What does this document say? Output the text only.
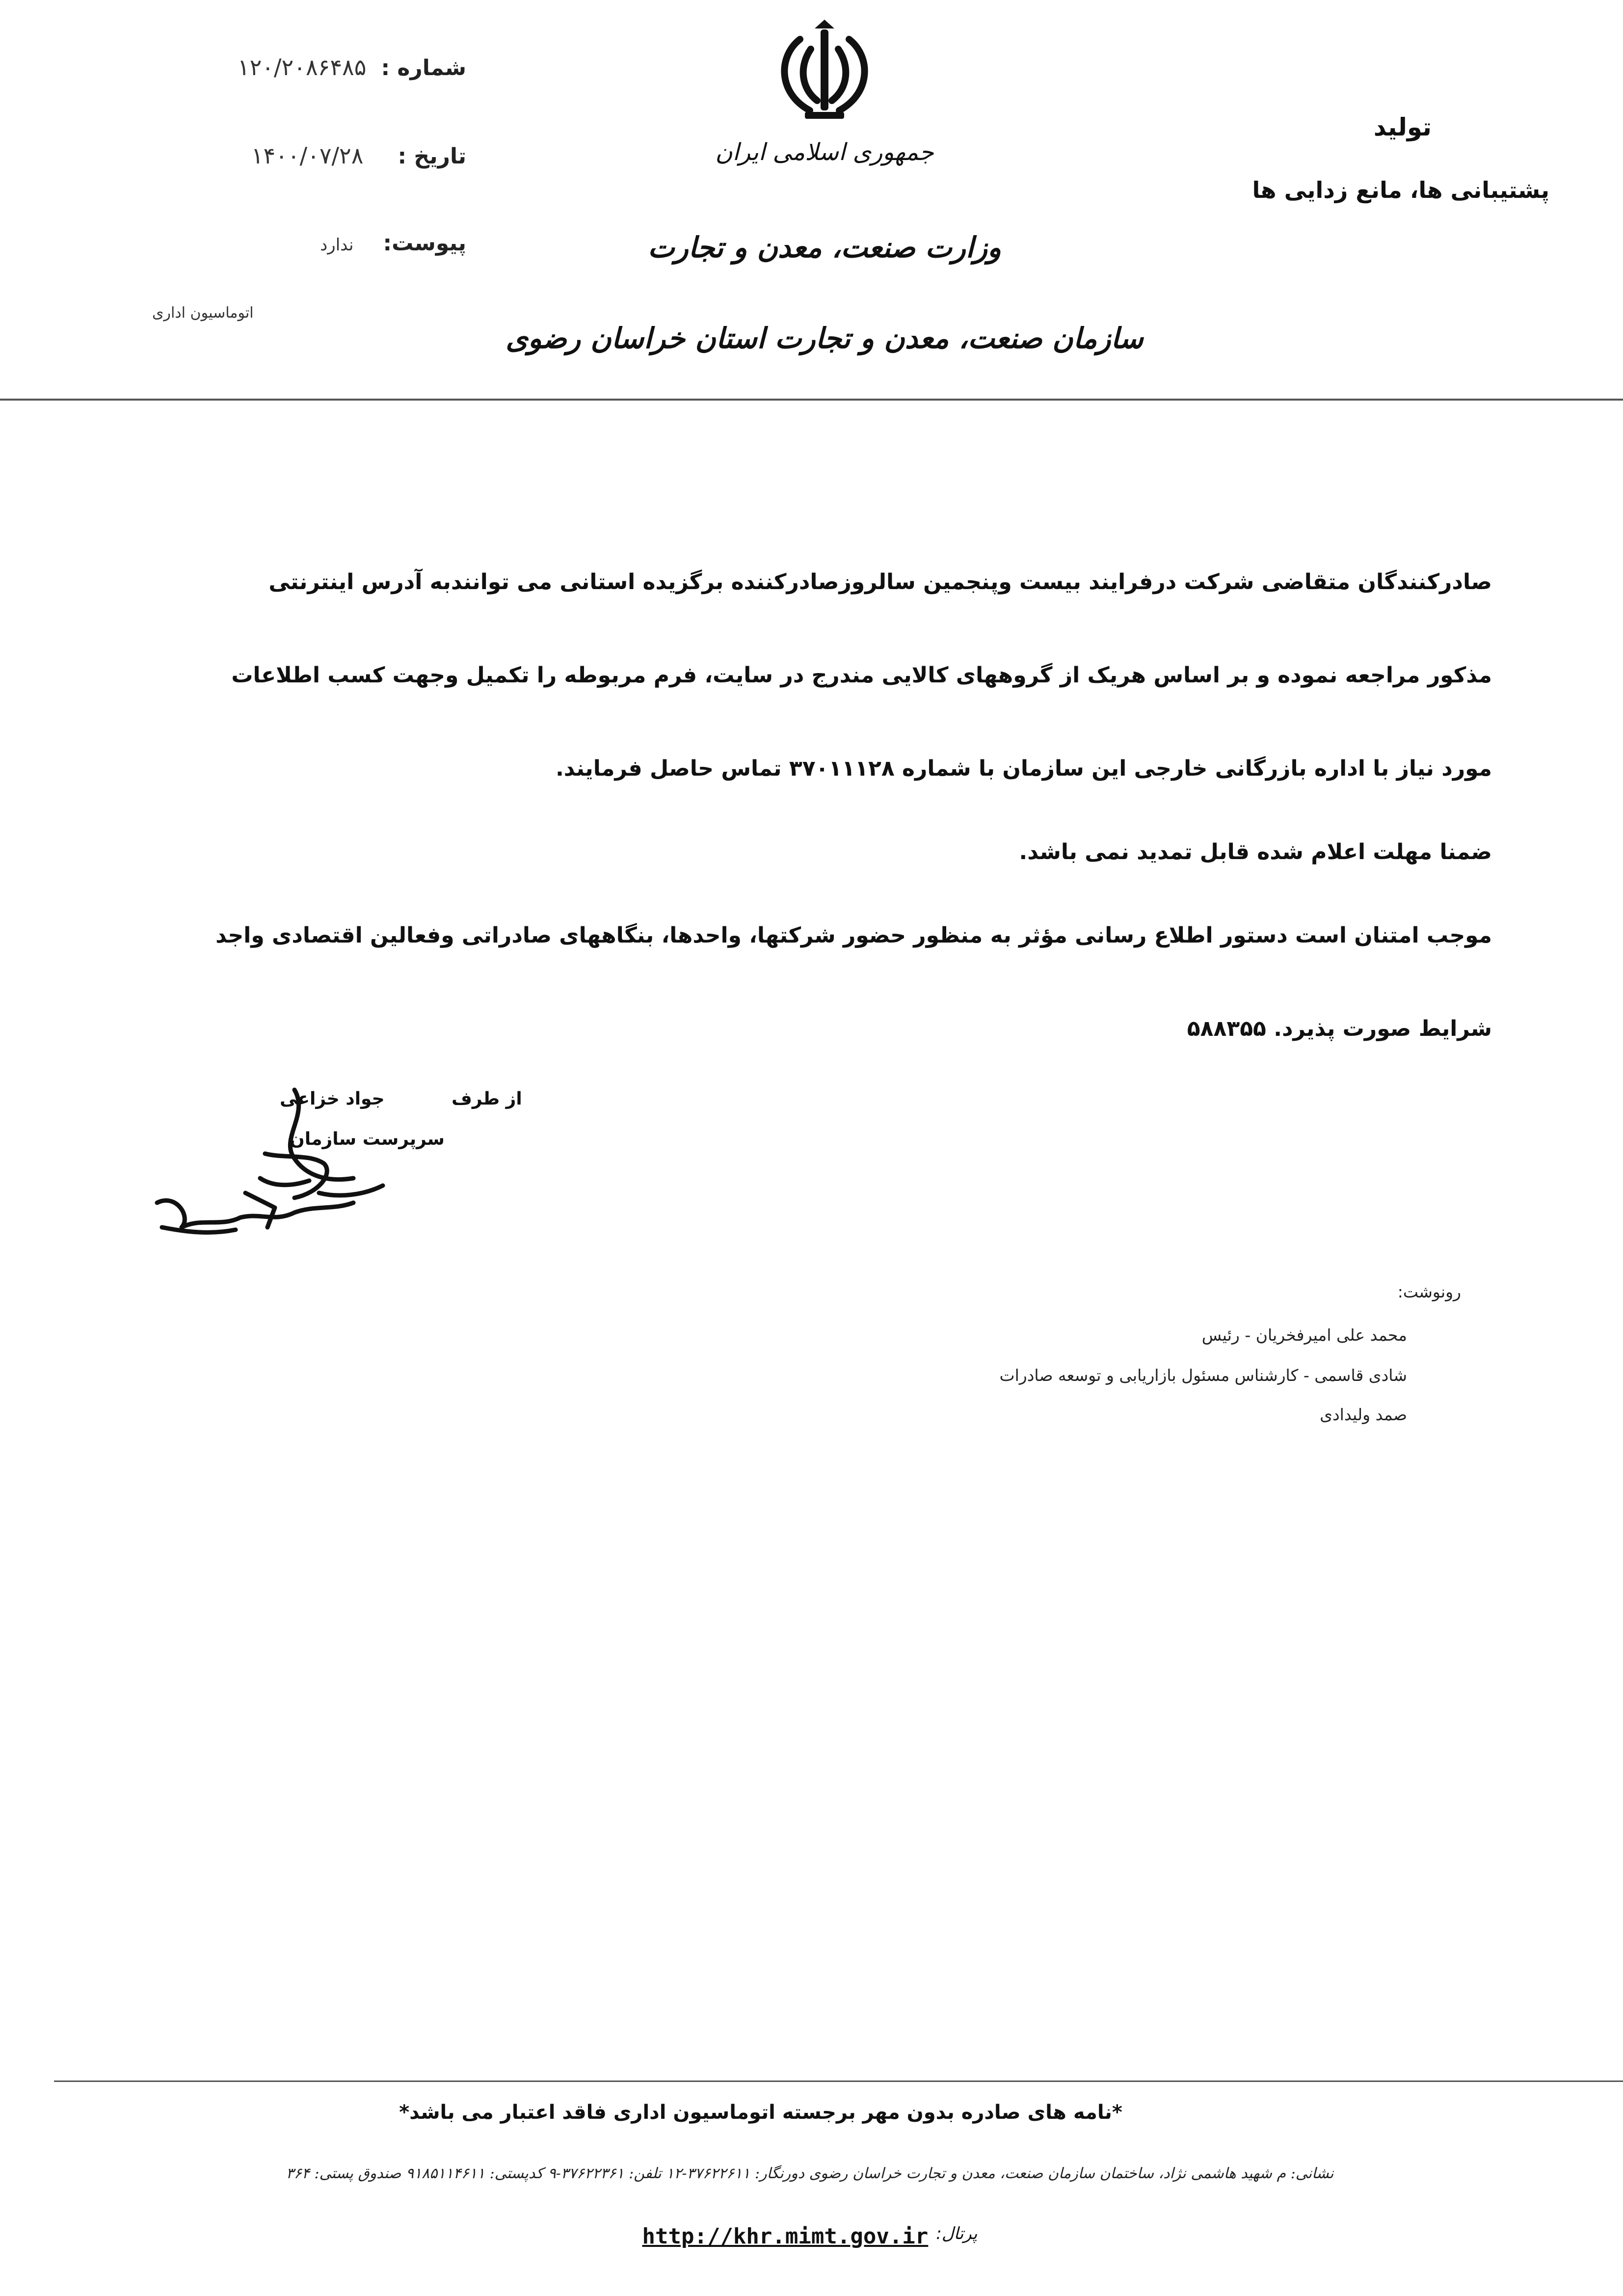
شماره :
۱۲۰/۲۰۸۶۴۸۵
تاریخ :
۱۴۰۰/۰۷/۲۸
پیوست:
ندارد
اتوماسیون اداری
جمهوری اسلامی ایران
وزارت صنعت، معدن و تجارت
سازمان صنعت، معدن و تجارت استان خراسان رضوی
تولید
پشتیبانی ها، مانع زدایی ها
صادرکنندگان متقاضی شرکت درفرایند بیست وپنجمین سالروزصادرکننده برگزیده استانی می توانندبه آدرس اینترنتی
مذکور مراجعه نموده و بر اساس هریک از گروههای کالایی مندرج در سایت، فرم مربوطه را تکمیل وجهت کسب اطلاعات
مورد نیاز با اداره بازرگانی خارجی این سازمان با شماره ۳۷۰۱۱۱۲۸ تماس حاصل فرمایند.
ضمنا مهلت اعلام شده قابل تمدید نمی باشد.
موجب امتنان است دستور اطلاع رسانی مؤثر به منظور حضور شرکتها، واحدها، بنگاههای صادراتی وفعالین اقتصادی واجد
شرایط صورت پذیرد. ۵۸۸۳۵۵
از طرف
جواد خزاعی
سرپرست سازمان
رونوشت:
محمد علی امیرفخریان - رئیس
شادی قاسمی - کارشناس مسئول بازاریابی و توسعه صادرات
صمد ولیدادی
*نامه های صادره بدون مهر برجسته اتوماسیون اداری فاقد اعتبار می باشد*
نشانی: م شهید هاشمی نژاد، ساختمان سازمان صنعت، معدن و تجارت خراسان رضوی دورنگار: ۳۷۶۲۲۶۱۱-۱۲ تلفن: ۳۷۶۲۲۳۶۱-۹ کدپستی: ۹۱۸۵۱۱۴۶۱۱ صندوق پستی: ۳۶۴
پرتال:
http://khr.mimt.gov.ir
